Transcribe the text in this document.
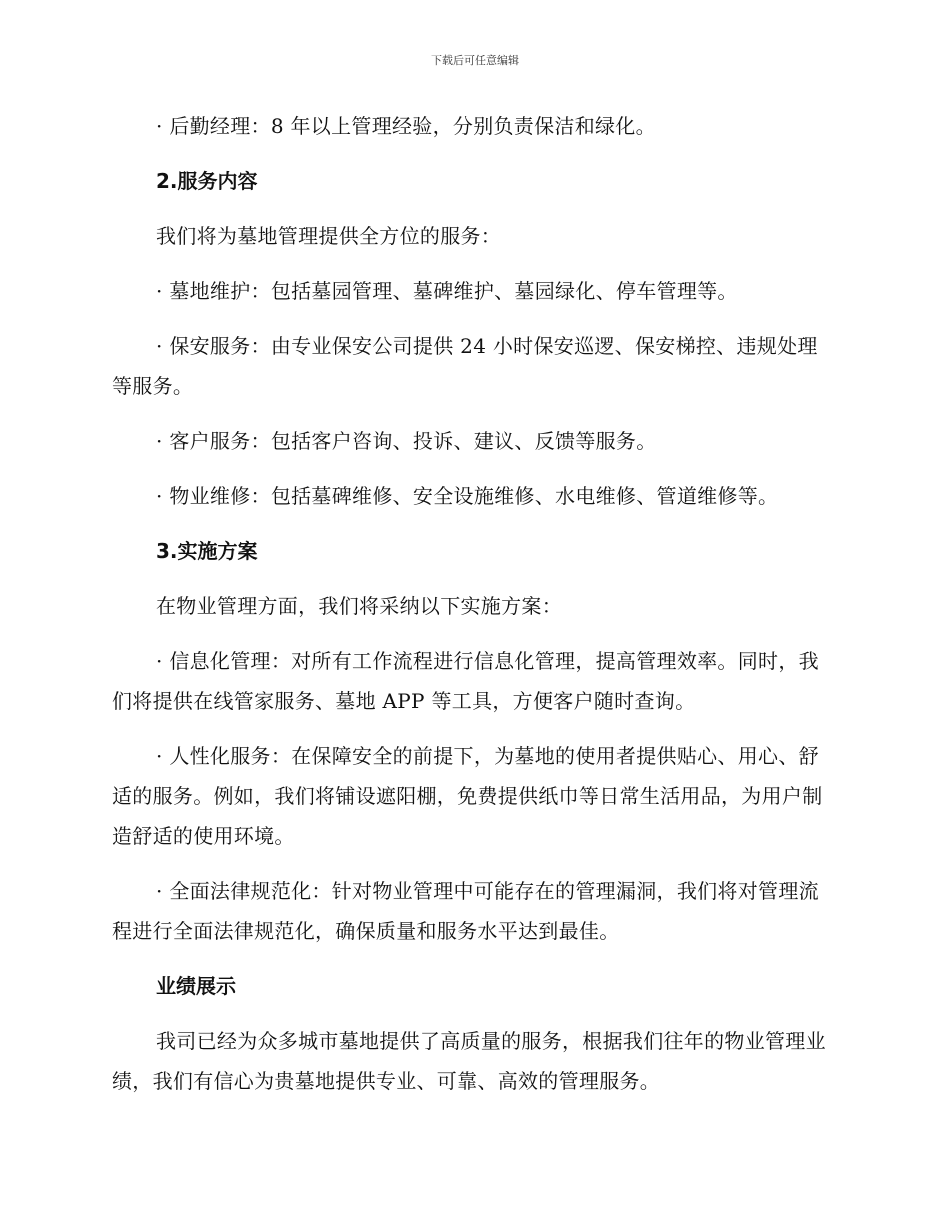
下载后可任意编辑

· 后勤经理：8 年以上管理经验，分别负责保洁和绿化。

2.服务内容

我们将为墓地管理提供全方位的服务：

· 墓地维护：包括墓园管理、墓碑维护、墓园绿化、停车管理等。

· 保安服务：由专业保安公司提供 24 小时保安巡逻、保安梯控、违规处理等服务。

· 客户服务：包括客户咨询、投诉、建议、反馈等服务。

· 物业维修：包括墓碑维修、安全设施维修、水电维修、管道维修等。

3.实施方案

在物业管理方面，我们将采纳以下实施方案：

· 信息化管理：对所有工作流程进行信息化管理，提高管理效率。同时，我们将提供在线管家服务、墓地 APP 等工具，方便客户随时查询。

· 人性化服务：在保障安全的前提下，为墓地的使用者提供贴心、用心、舒适的服务。例如，我们将铺设遮阳棚，免费提供纸巾等日常生活用品，为用户制造舒适的使用环境。

· 全面法律规范化：针对物业管理中可能存在的管理漏洞，我们将对管理流程进行全面法律规范化，确保质量和服务水平达到最佳。

业绩展示

我司已经为众多城市墓地提供了高质量的服务，根据我们往年的物业管理业绩，我们有信心为贵墓地提供专业、可靠、高效的管理服务。
